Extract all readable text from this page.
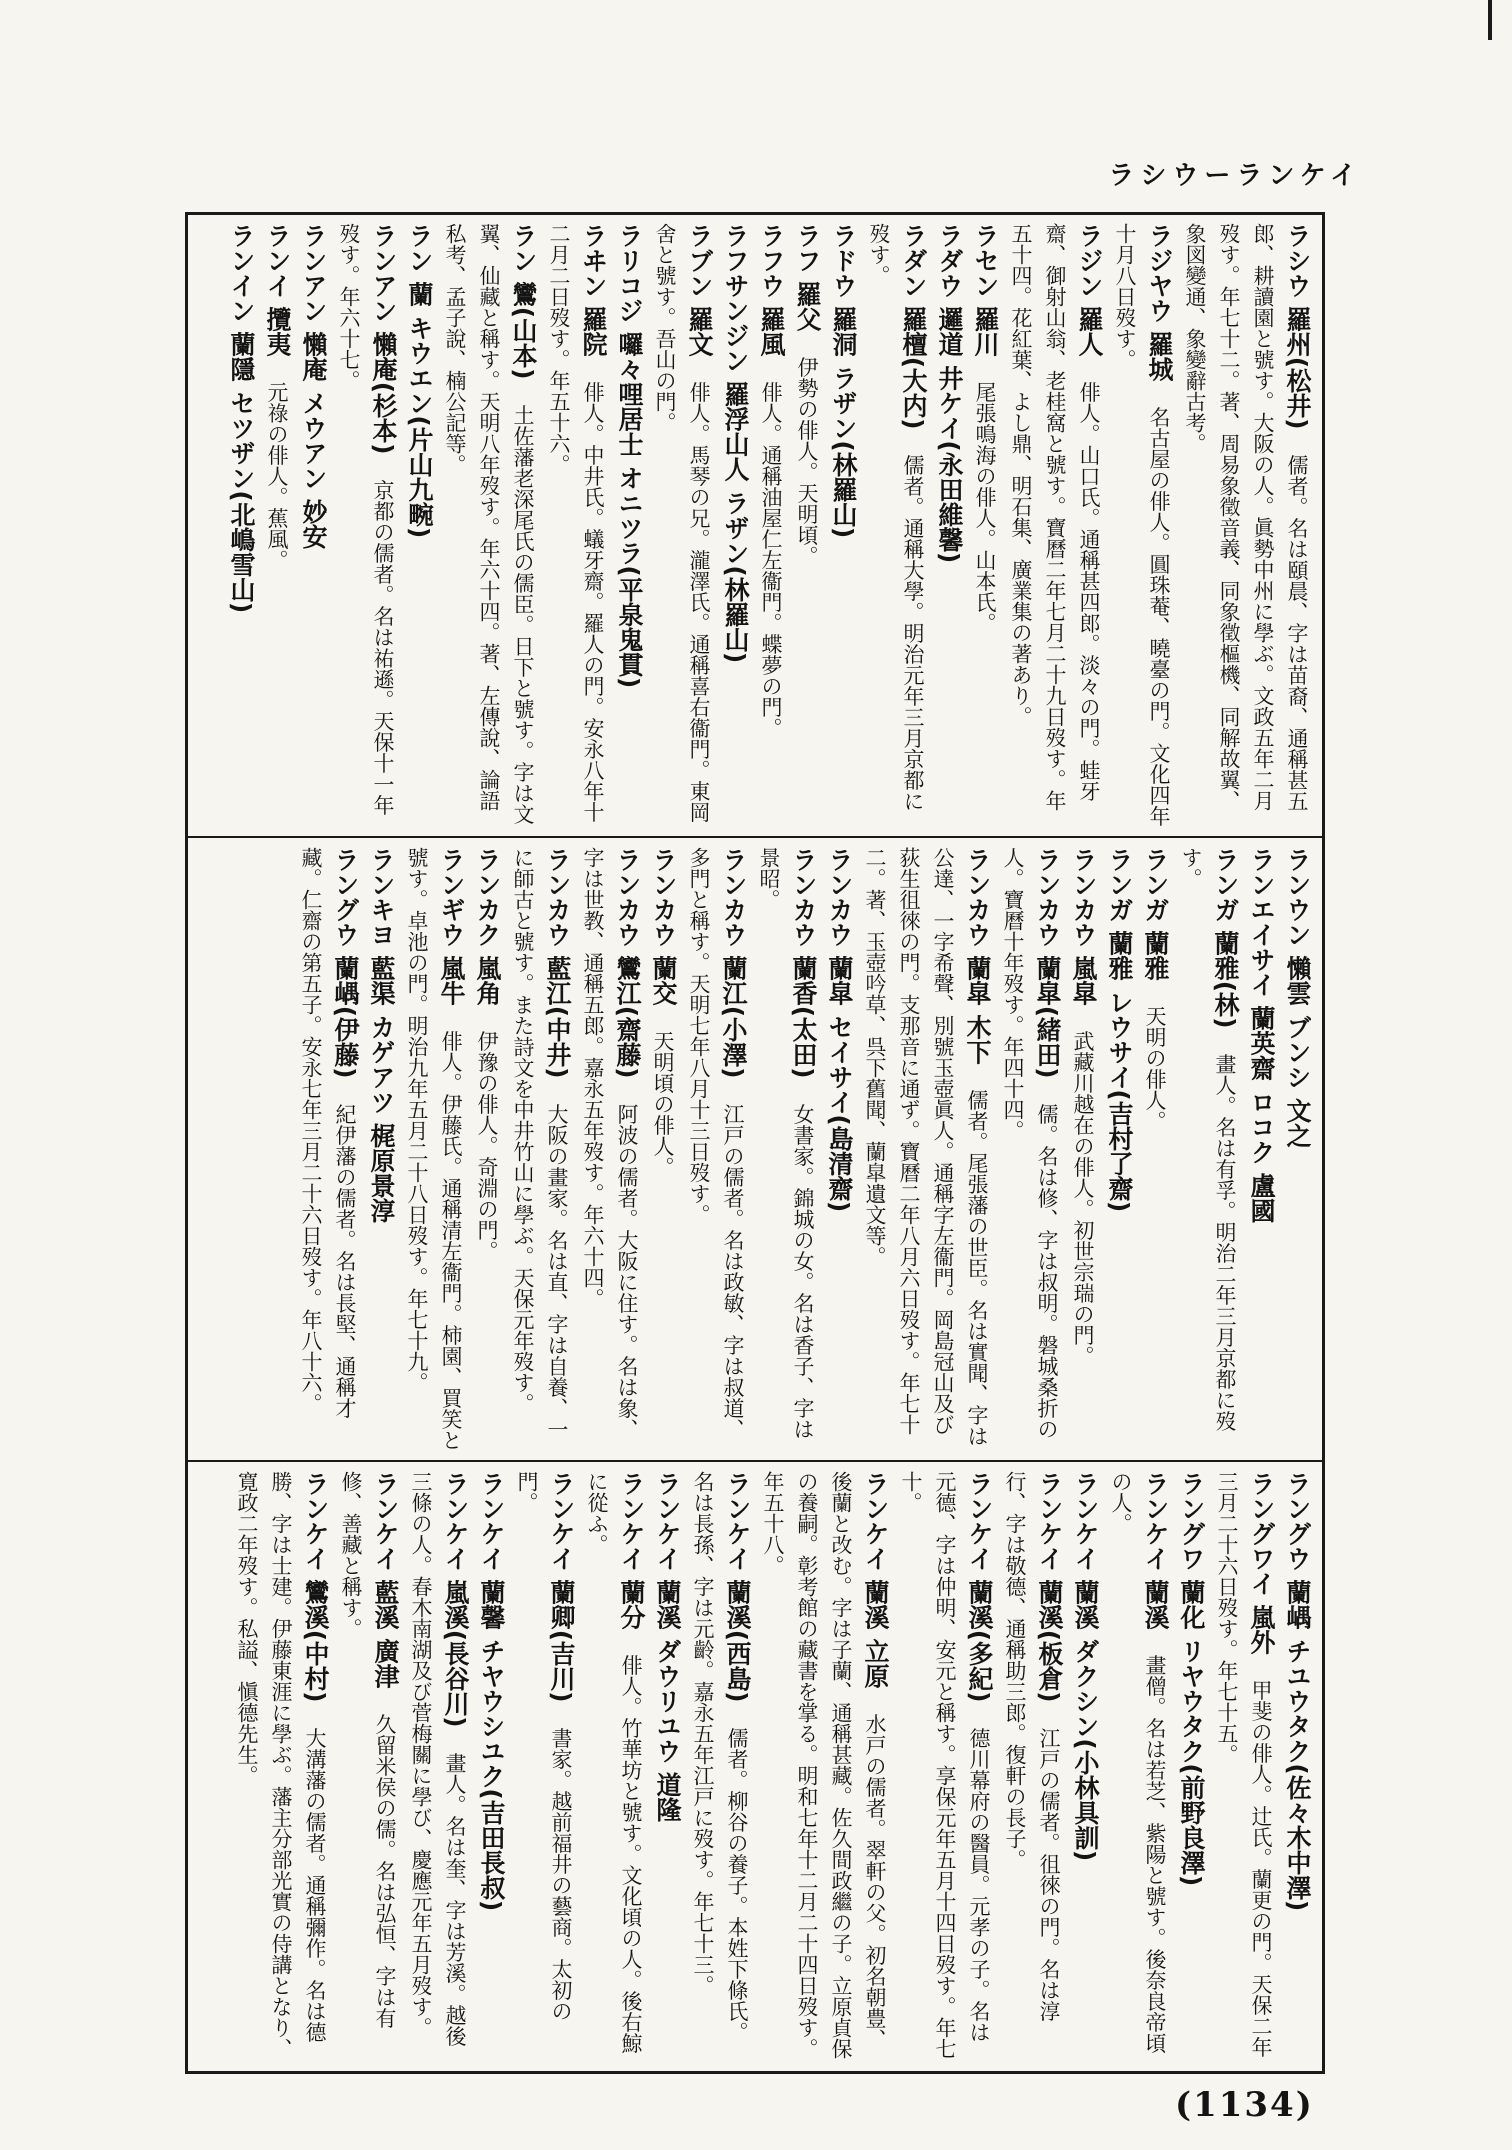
ラシウーランケイ
ラシウ 羅州(松井)　儒者。名は頤晨、字は苗裔、通稱甚五郎、耕讀園と號す。大阪の人。眞勢中州に學ぶ。文政五年二月歿す。年七十二。著、周易象徵音義、同象徵樞機、同解故翼、象図變通、象變辭古考。
ラジヤウ 羅城　名古屋の俳人。圓珠菴、曉臺の門。文化四年十月八日歿す。
ラジン 羅人　俳人。山口氏。通稱甚四郎。淡々の門。蛙牙齋、御射山翁、老桂窩と號す。寶曆二年七月二十九日歿す。年五十四。花紅葉、よし鼎、明石集、廣業集の著あり。
ラセン 羅川　尾張鳴海の俳人。山本氏。
ラダウ 邏道 井ケイ(永田維馨)
ラダン 羅檀(大内)　儒者。通稱大學。明治元年三月京都に歿す。
ラドウ 羅洞 ラザン(林羅山)
ラフ 羅父　伊勢の俳人。天明頃。
ラフウ 羅風　俳人。通稱油屋仁左衞門。蝶夢の門。
ラフサンジン 羅浮山人 ラザン(林羅山)
ラブン 羅文　俳人。馬琴の兄。瀧澤氏。通稱喜右衞門。東岡舍と號す。吾山の門。
ラリコジ 囉々哩居士 オニツラ(平泉鬼貫)
ラヰン 羅院　俳人。中井氏。蟻牙齋。羅人の門。安永八年十二月二日歿す。年五十六。
ラン 鸞(山本)　土佐藩老深尾氏の儒臣。日下と號す。字は文翼、仙藏と稱す。天明八年歿す。年六十四。著、左傳說、論語私考、孟子說、楠公記等。
ラン 蘭 キウエン(片山九畹)
ランアン 懶庵(杉本)　京都の儒者。名は祐遜。天保十一年歿す。年六十七。
ランアン 懶庵 メウアン 妙安
ランイ 攬夷　元祿の俳人。蕉風。
ランイン 蘭隱 セツザン(北嶋雪山)
ランウン 懶雲 ブンシ 文之
ランエイサイ 蘭英齋 ロコク 盧國
ランガ 蘭雅(林)　畫人。名は有孚。明治二年三月京都に歿す。
ランガ 蘭雅　天明の俳人。
ランガ 蘭雅 レウサイ(吉村了齋)
ランカウ 嵐皐　武藏川越在の俳人。初世宗瑞の門。
ランカウ 蘭皐(緒田)　儒。名は修、字は叔明。磐城桑折の人。寶曆十年歿す。年四十四。
ランカウ 蘭皐 木下　儒者。尾張藩の世臣。名は實聞、字は公達、一字希聲、別號玉壺眞人。通稱字左衞門。岡島冠山及び荻生徂徠の門。支那音に通ず。寶曆二年八月六日歿す。年七十二。著、玉壺吟草、呉下舊聞、蘭皐遺文等。
ランカウ 蘭皐 セイサイ(島清齋)
ランカウ 蘭香(太田)　女書家。錦城の女。名は香子、字は景昭。
ランカウ 蘭江(小澤)　江戸の儒者。名は政敏、字は叔道、多門と稱す。天明七年八月十三日歿す。
ランカウ 蘭交　天明頃の俳人。
ランカウ 鸞江(齋藤)　阿波の儒者。大阪に住す。名は象、字は世教、通稱五郎。嘉永五年歿す。年六十四。
ランカウ 藍江(中井)　大阪の畫家。名は直、字は自養、一に師古と號す。また詩文を中井竹山に學ぶ。天保元年歿す。
ランカク 嵐角　伊豫の俳人。奇淵の門。
ランギウ 嵐牛　俳人。伊藤氏。通稱清左衞門。柿園、買笑と號す。卓池の門。明治九年五月二十八日歿す。年七十九。
ランキヨ 藍渠 カゲアツ 梶原景淳
ラングウ 蘭嵎(伊藤)　紀伊藩の儒者。名は長堅、通稱才藏。仁齋の第五子。安永七年三月二十六日歿す。年八十六。
ラングウ 蘭嵎 チユウタク(佐々木中澤)
ラングワイ 嵐外　甲斐の俳人。辻氏。蘭更の門。天保二年三月二十六日歿す。年七十五。
ラングワ 蘭化 リヤウタク(前野良澤)
ランケイ 蘭溪　畫僧。名は若芝、紫陽と號す。後奈良帝頃の人。
ランケイ 蘭溪 ダクシン(小林具訓)
ランケイ 蘭溪(板倉)　江戸の儒者。徂徠の門。名は淳行、字は敬德、通稱助三郎。復軒の長子。
ランケイ 蘭溪(多紀)　德川幕府の醫員。元孝の子。名は元德、字は仲明、安元と稱す。享保元年五月十四日歿す。年七十。
ランケイ 蘭溪 立原　水戸の儒者。翠軒の父。初名朝豊、後蘭と改む。字は子蘭、通稱甚藏。佐久間政繼の子。立原貞保の養嗣。彰考館の藏書を掌る。明和七年十二月二十四日歿す。年五十八。
ランケイ 蘭溪(西島)　儒者。柳谷の養子。本姓下條氏。名は長孫、字は元齡。嘉永五年江戸に歿す。年七十三。
ランケイ 蘭溪 ダウリユウ 道隆
ランケイ 蘭分　俳人。竹華坊と號す。文化頃の人。後右鯨に從ふ。
ランケイ 蘭卿(吉川)　書家。越前福井の藝商。太初の門。
ランケイ 蘭馨 チヤウシユク(吉田長叔)
ランケイ 嵐溪(長谷川)　畫人。名は奎、字は芳溪。越後三條の人。春木南湖及び菅梅關に學び、慶應元年五月歿す。
ランケイ 藍溪 廣津　久留米侯の儒。名は弘恒、字は有修、善藏と稱す。
ランケイ 鸞溪(中村)　大溝藩の儒者。通稱彌作。名は德勝、字は士建。伊藤東涯に學ぶ。藩主分部光實の侍講となり、寛政二年歿す。私謚、愼德先生。
(1134)
